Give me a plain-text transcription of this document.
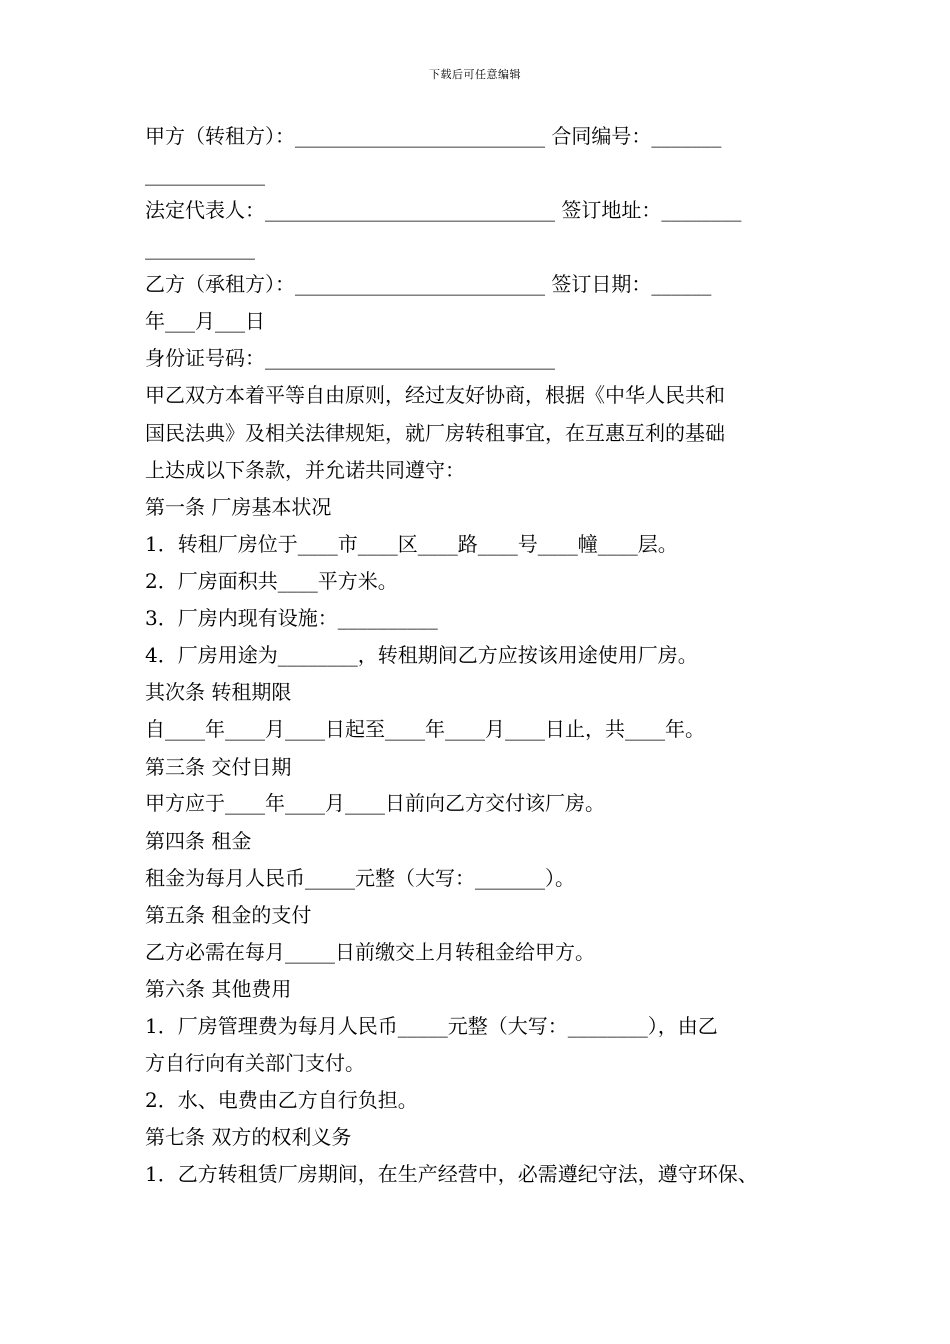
下载后可任意编辑
甲方（转租方）：_________________________ 合同编号：_______
____________
法定代表人：_____________________________ 签订地址：________
___________
乙方（承租方）：_________________________ 签订日期：______
年___月___日
身份证号码：_____________________________
甲乙双方本着平等自由原则，经过友好协商，根据《中华人民共和
国民法典》及相关法律规矩，就厂房转租事宜，在互惠互利的基础
上达成以下条款，并允诺共同遵守：
第一条 厂房基本状况
1．转租厂房位于____市____区____路____号____幢____层。
2．厂房面积共____平方米。
3．厂房内现有设施：__________
4．厂房用途为________，转租期间乙方应按该用途使用厂房。
其次条 转租期限
自____年____月____日起至____年____月____日止，共____年。
第三条 交付日期
甲方应于____年____月____日前向乙方交付该厂房。
第四条 租金
租金为每月人民币_____元整（大写：_______）。
第五条 租金的支付
乙方必需在每月_____日前缴交上月转租金给甲方。
第六条 其他费用
1．厂房管理费为每月人民币_____元整（大写：________），由乙
方自行向有关部门支付。
2．水、电费由乙方自行负担。
第七条 双方的权利义务
1．乙方转租赁厂房期间，在生产经营中，必需遵纪守法，遵守环保、
